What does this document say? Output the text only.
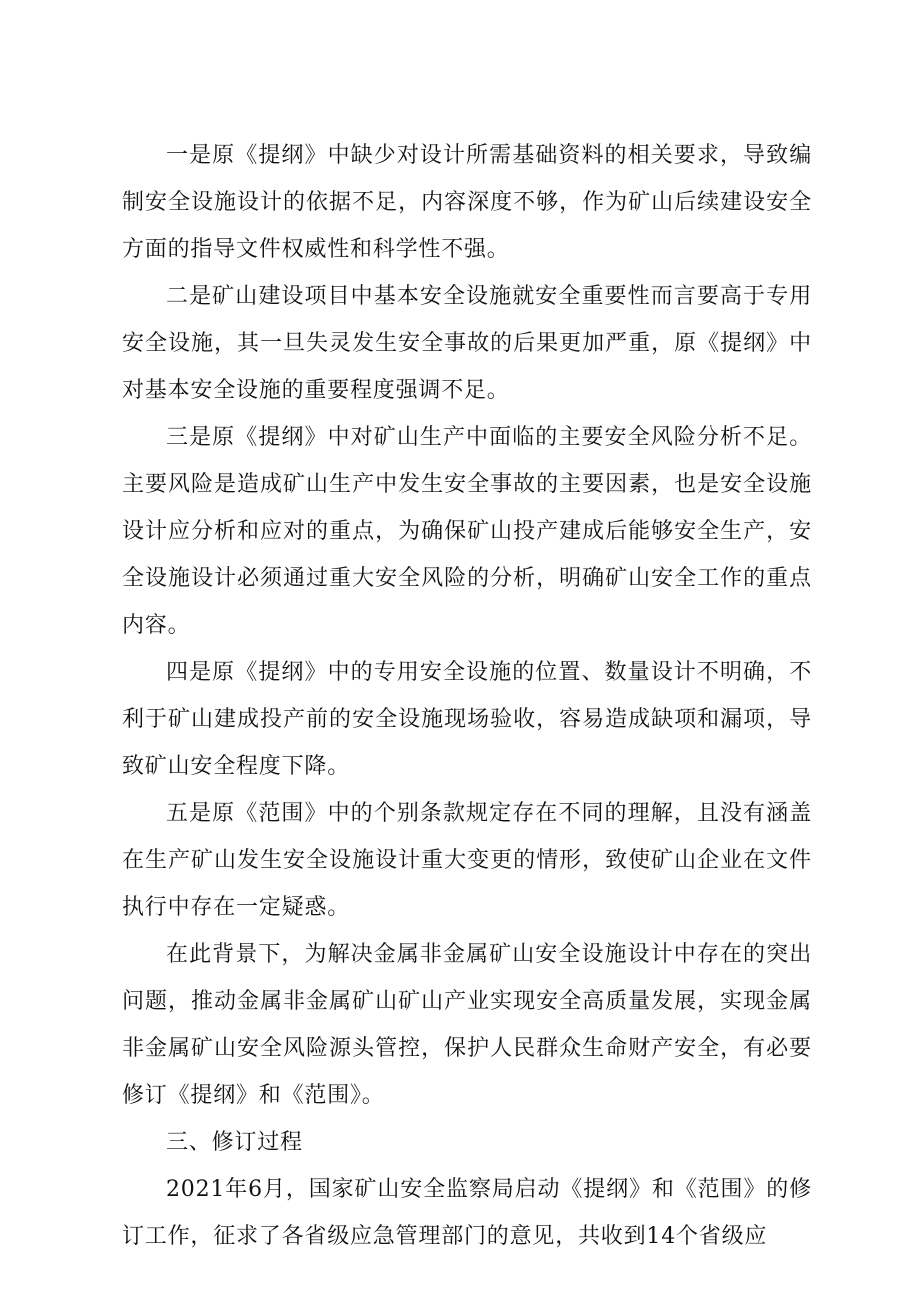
一是原《提纲》中缺少对设计所需基础资料的相关要求，导致编制安全设施设计的依据不足，内容深度不够，作为矿山后续建设安全方面的指导文件权威性和科学性不强。

二是矿山建设项目中基本安全设施就安全重要性而言要高于专用安全设施，其一旦失灵发生安全事故的后果更加严重，原《提纲》中对基本安全设施的重要程度强调不足。

三是原《提纲》中对矿山生产中面临的主要安全风险分析不足。主要风险是造成矿山生产中发生安全事故的主要因素，也是安全设施设计应分析和应对的重点，为确保矿山投产建成后能够安全生产，安全设施设计必须通过重大安全风险的分析，明确矿山安全工作的重点内容。

四是原《提纲》中的专用安全设施的位置、数量设计不明确，不利于矿山建成投产前的安全设施现场验收，容易造成缺项和漏项，导致矿山安全程度下降。

五是原《范围》中的个别条款规定存在不同的理解，且没有涵盖在生产矿山发生安全设施设计重大变更的情形，致使矿山企业在文件执行中存在一定疑惑。

在此背景下，为解决金属非金属矿山安全设施设计中存在的突出问题，推动金属非金属矿山矿山产业实现安全高质量发展，实现金属非金属矿山安全风险源头管控，保护人民群众生命财产安全，有必要修订《提纲》和《范围》。

三、修订过程

2021年6月，国家矿山安全监察局启动《提纲》和《范围》的修订工作，征求了各省级应急管理部门的意见，共收到14个省级应
